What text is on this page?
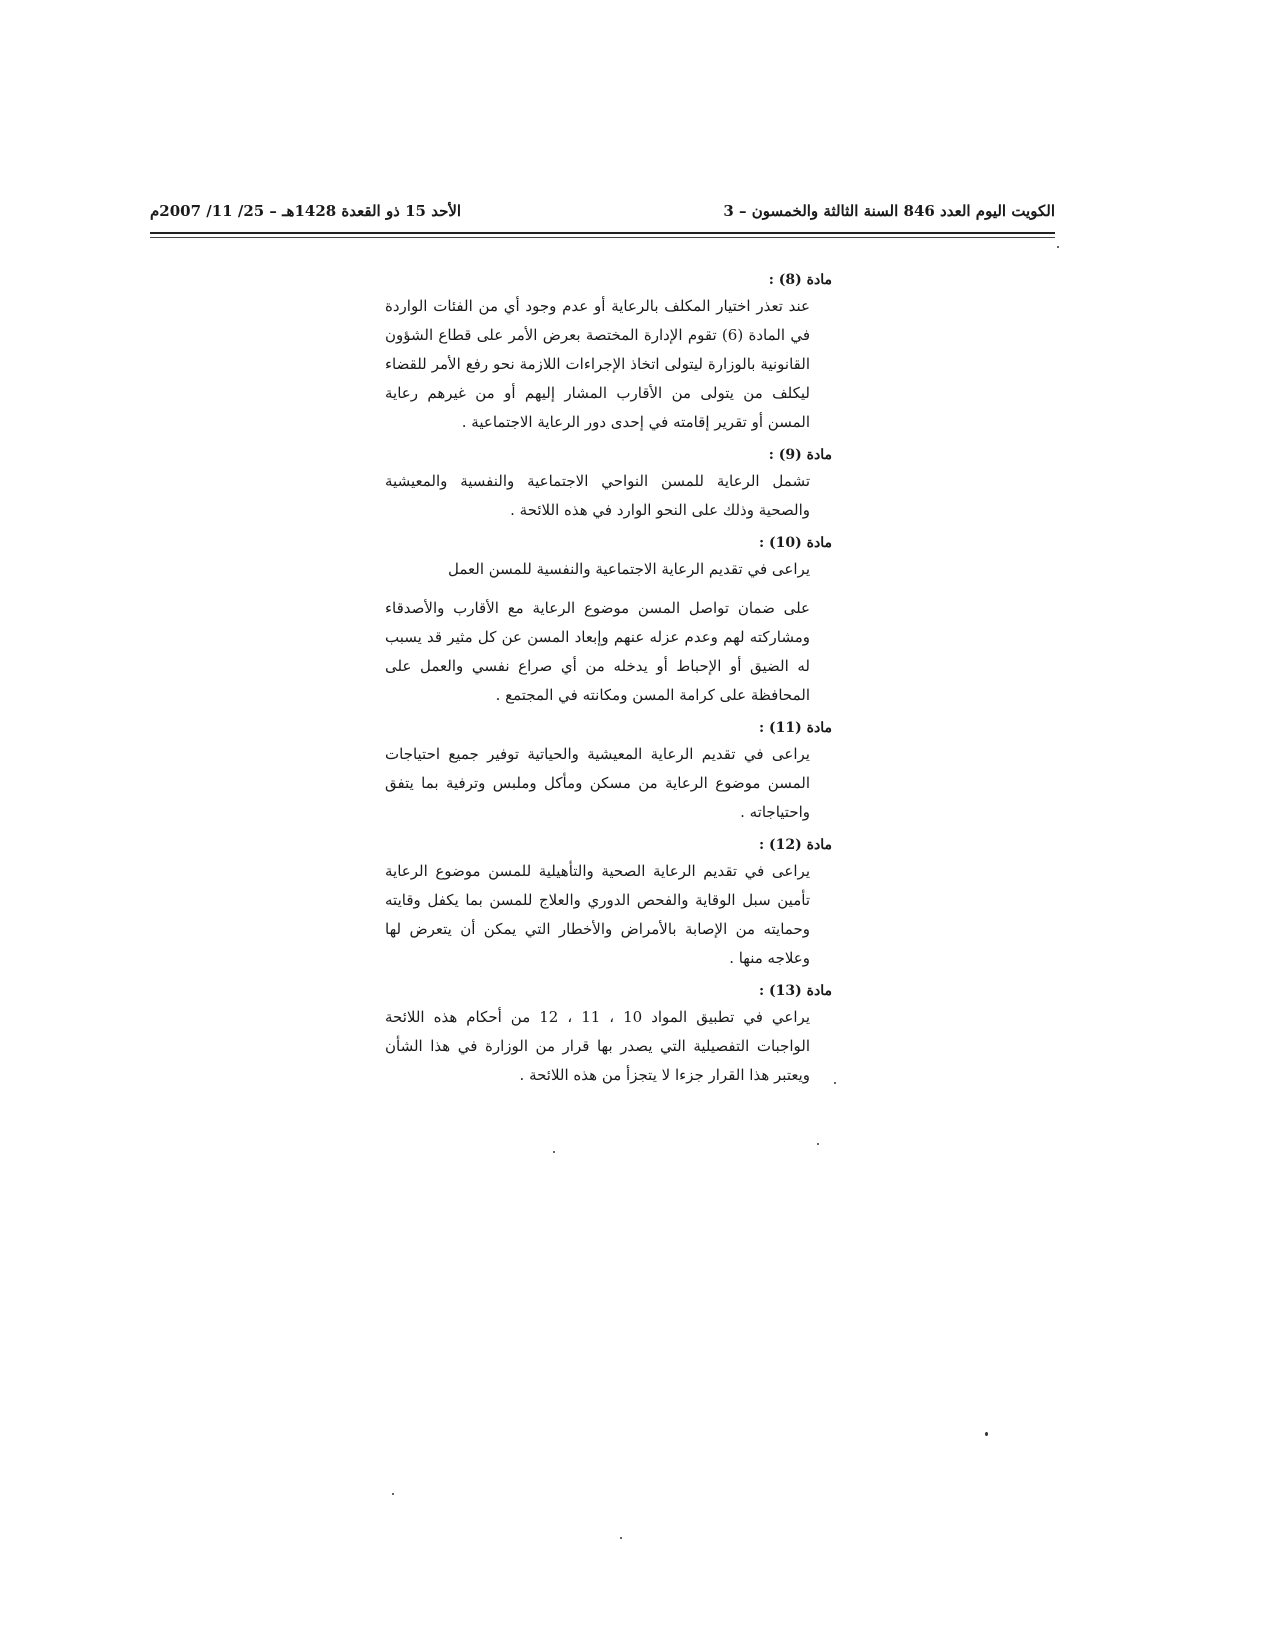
الكويت اليوم العدد 846 السنة الثالثة والخمسون – 3
الأحد 15 ذو القعدة 1428هـ – 25/ 11/ 2007م

مادة (8) :

عند تعذر اختيار المكلف بالرعاية أو عدم وجود أي من الفئات الواردة في المادة (6) تقوم الإدارة المختصة بعرض الأمر على قطاع الشؤون القانونية بالوزارة ليتولى اتخاذ الإجراءات اللازمة نحو رفع الأمر للقضاء ليكلف من يتولى من الأقارب المشار إليهم أو من غيرهم رعاية المسن أو تقرير إقامته في إحدى دور الرعاية الاجتماعية .

مادة (9) :

تشمل الرعاية للمسن النواحي الاجتماعية والنفسية والمعيشية والصحية وذلك على النحو الوارد في هذه اللائحة .

مادة (10) :

يراعى في تقديم الرعاية الاجتماعية والنفسية للمسن العمل

على ضمان تواصل المسن موضوع الرعاية مع الأقارب والأصدقاء ومشاركته لهم وعدم عزله عنهم وإبعاد المسن عن كل مثير قد يسبب له الضيق أو الإحباط أو يدخله من أي صراع نفسي والعمل على المحافظة على كرامة المسن ومكانته في المجتمع .

مادة (11) :

يراعى في تقديم الرعاية المعيشية والحياتية توفير جميع احتياجات المسن موضوع الرعاية من مسكن ومأكل وملبس وترفية بما يتفق واحتياجاته .

مادة (12) :

يراعى في تقديم الرعاية الصحية والتأهيلية للمسن موضوع الرعاية تأمين سبل الوقاية والفحص الدوري والعلاج للمسن بما يكفل وقايته وحمايته من الإصابة بالأمراض والأخطار التي يمكن أن يتعرض لها وعلاجه منها .

مادة (13) :

يراعي في تطبيق المواد 10 ، 11 ، 12 من أحكام هذه اللائحة الواجبات التفصيلية التي يصدر بها قرار من الوزارة في هذا الشأن ويعتبر هذا القرار جزءا لا يتجزأ من هذه اللائحة .
